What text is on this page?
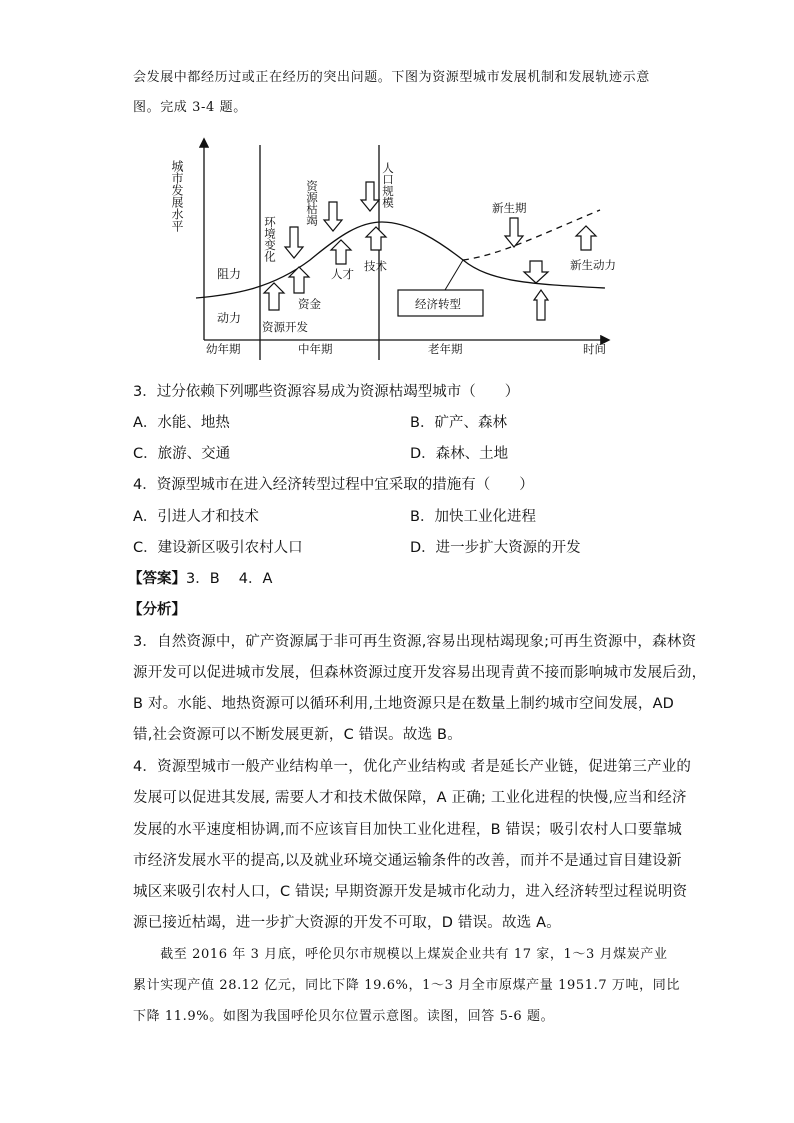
会发展中都经历过或正在经历的突出问题。下图为资源型城市发展机制和发展轨迹示意
图。完成 3-4 题。
城市发展水平
幼年期	中年期	老年期	时间
阻力
动力
资源开发
资金
人才
技术
环境变化
资源枯竭	人口规模	新生期
新生动力
经济转型
3．过分依赖下列哪些资源容易成为资源枯竭型城市（　　）
A．水能、地热	B．矿产、森林
C．旅游、交通	D．森林、土地
4．资源型城市在进入经济转型过程中宜采取的措施有（　　）
A．引进人才和技术	B．加快工业化进程
C．建设新区吸引农村人口	D．进一步扩大资源的开发
【答案】3．B　 4．A
【分析】
3．自然资源中，矿产资源属于非可再生资源,容易出现枯竭现象;可再生资源中，森林资
源开发可以促进城市发展，但森林资源过度开发容易出现青黄不接而影响城市发展后劲，
B 对。水能、地热资源可以循环利用,土地资源只是在数量上制约城市空间发展，AD
错,社会资源可以不断发展更新，C 错误。故选 B。
4．资源型城市一般产业结构单一，优化产业结构或 者是延长产业链，促进第三产业的
发展可以促进其发展, 需要人才和技术做保障，A 正确; 工业化进程的快慢,应当和经济
发展的水平速度相协调,而不应该盲目加快工业化进程，B 错误；吸引农村人口要靠城
市经济发展水平的提高,以及就业环境交通运输条件的改善，而并不是通过盲目建设新
城区来吸引农村人口，C 错误; 早期资源开发是城市化动力，进入经济转型过程说明资
源已接近枯竭，进一步扩大资源的开发不可取，D 错误。故选 A。
　　截至 2016 年 3 月底，呼伦贝尔市规模以上煤炭企业共有 17 家，1～3 月煤炭产业
累计实现产值 28.12 亿元，同比下降 19.6%，1～3 月全市原煤产量 1951.7 万吨，同比
下降 11.9%。如图为我国呼伦贝尔位置示意图。读图，回答 5-6 题。
